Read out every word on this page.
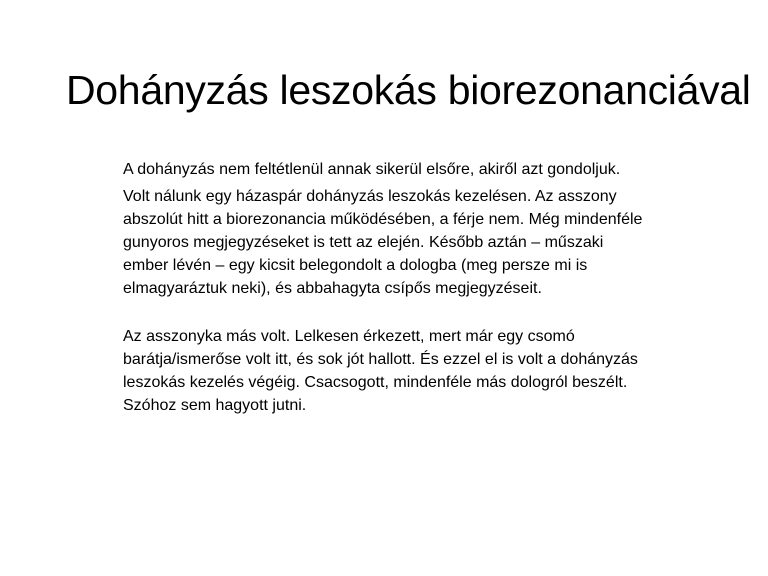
Dohányzás leszokás biorezonanciával

A dohányzás nem feltétlenül annak sikerül elsőre, akiről azt gondoljuk.

Volt nálunk egy házaspár dohányzás leszokás kezelésen. Az asszony abszolút hitt a biorezonancia működésében, a férje nem. Még mindenféle gunyoros megjegyzéseket is tett az elején. Később aztán – műszaki ember lévén – egy kicsit belegondolt a dologba (meg persze mi is elmagyaráztuk neki), és abbahagyta csípős megjegyzéseit.

Az asszonyka más volt. Lelkesen érkezett, mert már egy csomó barátja/ismerőse volt itt, és sok jót hallott. És ezzel el is volt a dohányzás leszokás kezelés végéig. Csacsogott, mindenféle más dologról beszélt. Szóhoz sem hagyott jutni.
